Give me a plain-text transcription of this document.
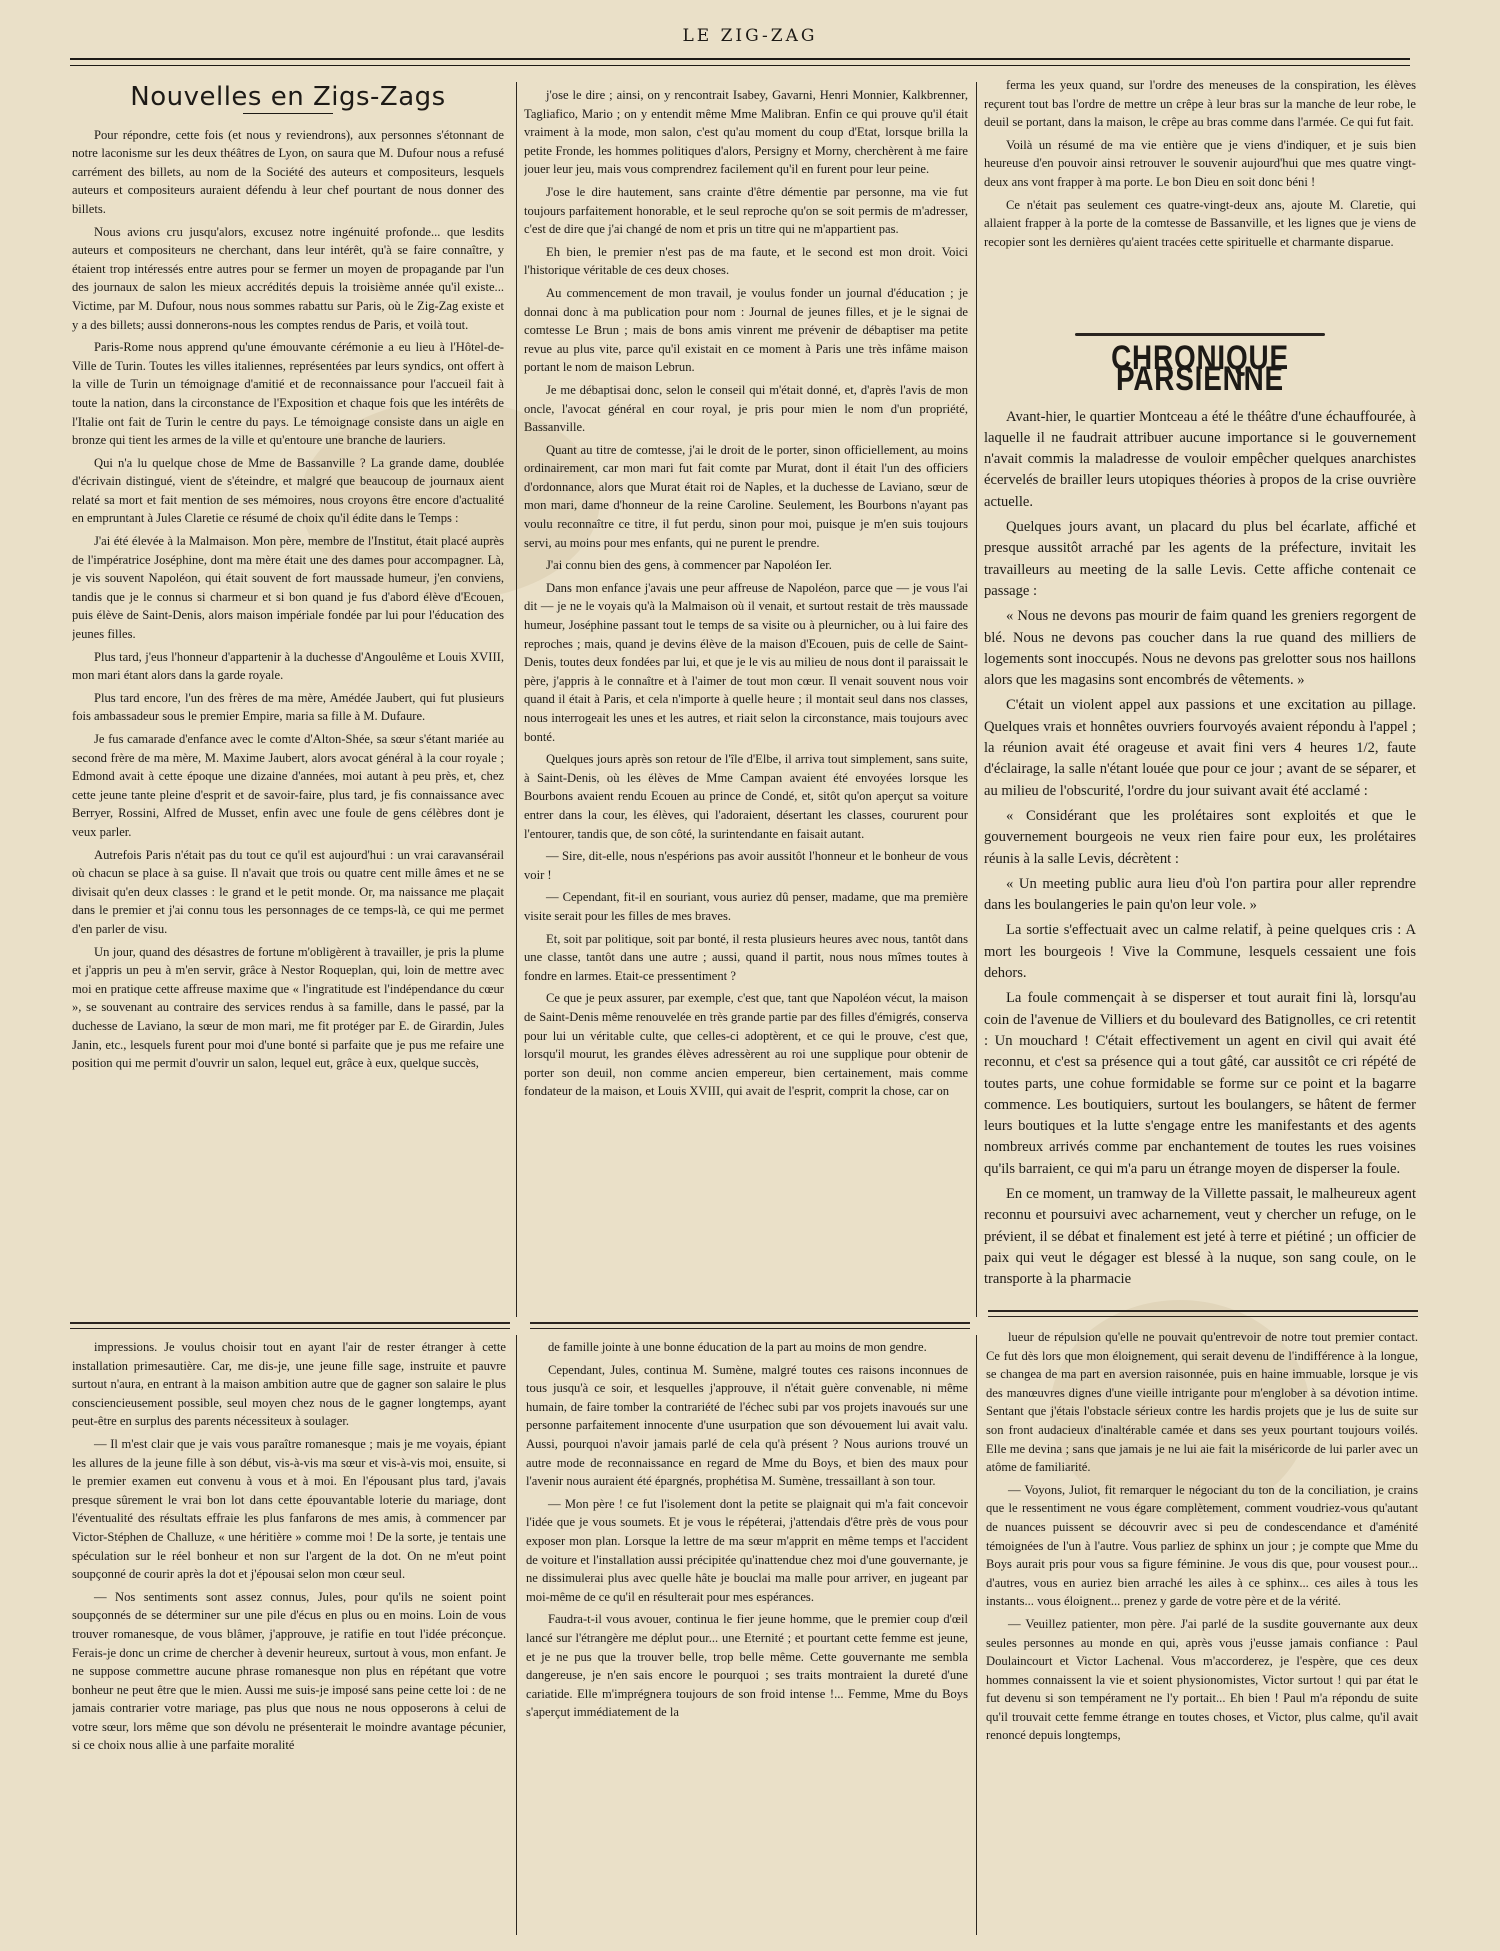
LE ZIG-ZAG
Nouvelles en Zigs-Zags

Pour répondre, cette fois (et nous y reviendrons), aux personnes s'étonnant de notre laconisme sur les deux théâtres de Lyon, on saura que M. Dufour nous a refusé carrément des billets, au nom de la Société des auteurs et compositeurs, lesquels auteurs et compositeurs auraient défendu à leur chef pourtant de nous donner des billets.

Nous avions cru jusqu'alors, excusez notre ingénuité profonde... que lesdits auteurs et compositeurs ne cherchant, dans leur intérêt, qu'à se faire connaître, y étaient trop intéressés entre autres pour se fermer un moyen de propagande par l'un des journaux de salon les mieux accrédités depuis la troisième année qu'il existe... Victime, par M. Dufour, nous nous sommes rabattu sur Paris, où le Zig-Zag existe et y a des billets; aussi donnerons-nous les comptes rendus de Paris, et voilà tout.

Paris-Rome nous apprend qu'une émouvante cérémonie a eu lieu à l'Hôtel-de-Ville de Turin. Toutes les villes italiennes, représentées par leurs syndics, ont offert à la ville de Turin un témoignage d'amitié et de reconnaissance pour l'accueil fait à toute la nation, dans la circonstance de l'Exposition et chaque fois que les intérêts de l'Italie ont fait de Turin le centre du pays. Le témoignage consiste dans un aigle en bronze qui tient les armes de la ville et qu'entoure une branche de lauriers.

Qui n'a lu quelque chose de Mme de Bassanville ? La grande dame, doublée d'écrivain distingué, vient de s'éteindre, et malgré que beaucoup de journaux aient relaté sa mort et fait mention de ses mémoires, nous croyons être encore d'actualité en empruntant à Jules Claretie ce résumé de choix qu'il édite dans le Temps :

J'ai été élevée à la Malmaison. Mon père, membre de l'Institut, était placé auprès de l'impératrice Joséphine, dont ma mère était une des dames pour accompagner. Là, je vis souvent Napoléon, qui était souvent de fort maussade humeur, j'en conviens, tandis que je le connus si charmeur et si bon quand je fus d'abord élève d'Ecouen, puis élève de Saint-Denis, alors maison impériale fondée par lui pour l'éducation des jeunes filles.

Plus tard, j'eus l'honneur d'appartenir à la duchesse d'Angoulême et Louis XVIII, mon mari étant alors dans la garde royale.

Plus tard encore, l'un des frères de ma mère, Amédée Jaubert, qui fut plusieurs fois ambassadeur sous le premier Empire, maria sa fille à M. Dufaure.

Je fus camarade d'enfance avec le comte d'Alton-Shée, sa sœur s'étant mariée au second frère de ma mère, M. Maxime Jaubert, alors avocat général à la cour royale ; Edmond avait à cette époque une dizaine d'années, moi autant à peu près, et, chez cette jeune tante pleine d'esprit et de savoir-faire, plus tard, je fis connaissance avec Berryer, Rossini, Alfred de Musset, enfin avec une foule de gens célèbres dont je veux parler.

Autrefois Paris n'était pas du tout ce qu'il est aujourd'hui : un vrai caravansérail où chacun se place à sa guise. Il n'avait que trois ou quatre cent mille âmes et ne se divisait qu'en deux classes : le grand et le petit monde. Or, ma naissance me plaçait dans le premier et j'ai connu tous les personnages de ce temps-là, ce qui me permet d'en parler de visu.

Un jour, quand des désastres de fortune m'obligèrent à travailler, je pris la plume et j'appris un peu à m'en servir, grâce à Nestor Roqueplan, qui, loin de mettre avec moi en pratique cette affreuse maxime que « l'ingratitude est l'indépendance du cœur », se souvenant au contraire des services rendus à sa famille, dans le passé, par la duchesse de Laviano, la sœur de mon mari, me fit protéger par E. de Girardin, Jules Janin, etc., lesquels furent pour moi d'une bonté si parfaite que je pus me refaire une position qui me permit d'ouvrir un salon, lequel eut, grâce à eux, quelque succès,

j'ose le dire ; ainsi, on y rencontrait Isabey, Gavarni, Henri Monnier, Kalkbrenner, Tagliafico, Mario ; on y entendit même Mme Malibran. Enfin ce qui prouve qu'il était vraiment à la mode, mon salon, c'est qu'au moment du coup d'Etat, lorsque brilla la petite Fronde, les hommes politiques d'alors, Persigny et Morny, cherchèrent à me faire jouer leur jeu, mais vous comprendrez facilement qu'il en furent pour leur peine.

J'ose le dire hautement, sans crainte d'être démentie par personne, ma vie fut toujours parfaitement honorable, et le seul reproche qu'on se soit permis de m'adresser, c'est de dire que j'ai changé de nom et pris un titre qui ne m'appartient pas.

Eh bien, le premier n'est pas de ma faute, et le second est mon droit. Voici l'historique véritable de ces deux choses.

Au commencement de mon travail, je voulus fonder un journal d'éducation ; je donnai donc à ma publication pour nom : Journal de jeunes filles, et je le signai de comtesse Le Brun ; mais de bons amis vinrent me prévenir de débaptiser ma petite revue au plus vite, parce qu'il existait en ce moment à Paris une très infâme maison portant le nom de maison Lebrun.

Je me débaptisai donc, selon le conseil qui m'était donné, et, d'après l'avis de mon oncle, l'avocat général en cour royal, je pris pour mien le nom d'un propriété, Bassanville.

Quant au titre de comtesse, j'ai le droit de le porter, sinon officiellement, au moins ordinairement, car mon mari fut fait comte par Murat, dont il était l'un des officiers d'ordonnance, alors que Murat était roi de Naples, et la duchesse de Laviano, sœur de mon mari, dame d'honneur de la reine Caroline. Seulement, les Bourbons n'ayant pas voulu reconnaître ce titre, il fut perdu, sinon pour moi, puisque je m'en suis toujours servi, au moins pour mes enfants, qui ne purent le prendre.

J'ai connu bien des gens, à commencer par Napoléon Ier.

Dans mon enfance j'avais une peur affreuse de Napoléon, parce que — je vous l'ai dit — je ne le voyais qu'à la Malmaison où il venait, et surtout restait de très maussade humeur, Joséphine passant tout le temps de sa visite ou à pleurnicher, ou à lui faire des reproches ; mais, quand je devins élève de la maison d'Ecouen, puis de celle de Saint-Denis, toutes deux fondées par lui, et que je le vis au milieu de nous dont il paraissait le père, j'appris à le connaître et à l'aimer de tout mon cœur. Il venait souvent nous voir quand il était à Paris, et cela n'importe à quelle heure ; il montait seul dans nos classes, nous interrogeait les unes et les autres, et riait selon la circonstance, mais toujours avec bonté.

Quelques jours après son retour de l'île d'Elbe, il arriva tout simplement, sans suite, à Saint-Denis, où les élèves de Mme Campan avaient été envoyées lorsque les Bourbons avaient rendu Ecouen au prince de Condé, et, sitôt qu'on aperçut sa voiture entrer dans la cour, les élèves, qui l'adoraient, désertant les classes, coururent pour l'entourer, tandis que, de son côté, la surintendante en faisait autant.

— Sire, dit-elle, nous n'espérions pas avoir aussitôt l'honneur et le bonheur de vous voir !

— Cependant, fit-il en souriant, vous auriez dû penser, madame, que ma première visite serait pour les filles de mes braves.

Et, soit par politique, soit par bonté, il resta plusieurs heures avec nous, tantôt dans une classe, tantôt dans une autre ; aussi, quand il partit, nous nous mîmes toutes à fondre en larmes. Etait-ce pressentiment ?

Ce que je peux assurer, par exemple, c'est que, tant que Napoléon vécut, la maison de Saint-Denis même renouvelée en très grande partie par des filles d'émigrés, conserva pour lui un véritable culte, que celles-ci adoptèrent, et ce qui le prouve, c'est que, lorsqu'il mourut, les grandes élèves adressèrent au roi une supplique pour obtenir de porter son deuil, non comme ancien empereur, bien certainement, mais comme fondateur de la maison, et Louis XVIII, qui avait de l'esprit, comprit la chose, car on

ferma les yeux quand, sur l'ordre des meneuses de la conspiration, les élèves reçurent tout bas l'ordre de mettre un crêpe à leur bras sur la manche de leur robe, le deuil se portant, dans la maison, le crêpe au bras comme dans l'armée. Ce qui fut fait.

Voilà un résumé de ma vie entière que je viens d'indiquer, et je suis bien heureuse d'en pouvoir ainsi retrouver le souvenir aujourd'hui que mes quatre vingt-deux ans vont frapper à ma porte. Le bon Dieu en soit donc béni !

Ce n'était pas seulement ces quatre-vingt-deux ans, ajoute M. Claretie, qui allaient frapper à la porte de la comtesse de Bassanville, et les lignes que je viens de recopier sont les dernières qu'aient tracées cette spirituelle et charmante disparue.

CHRONIQUE PARSIENNE

Avant-hier, le quartier Montceau a été le théâtre d'une échauffourée, à laquelle il ne faudrait attribuer aucune importance si le gouvernement n'avait commis la maladresse de vouloir empêcher quelques anarchistes écervelés de brailler leurs utopiques théories à propos de la crise ouvrière actuelle.

Quelques jours avant, un placard du plus bel écarlate, affiché et presque aussitôt arraché par les agents de la préfecture, invitait les travailleurs au meeting de la salle Levis. Cette affiche contenait ce passage :

« Nous ne devons pas mourir de faim quand les greniers regorgent de blé. Nous ne devons pas coucher dans la rue quand des milliers de logements sont inoccupés. Nous ne devons pas grelotter sous nos haillons alors que les magasins sont encombrés de vêtements. »

C'était un violent appel aux passions et une excitation au pillage. Quelques vrais et honnêtes ouvriers fourvoyés avaient répondu à l'appel ; la réunion avait été orageuse et avait fini vers 4 heures 1/2, faute d'éclairage, la salle n'étant louée que pour ce jour ; avant de se séparer, et au milieu de l'obscurité, l'ordre du jour suivant avait été acclamé :

« Considérant que les prolétaires sont exploités et que le gouvernement bourgeois ne veux rien faire pour eux, les prolétaires réunis à la salle Levis, décrètent :

« Un meeting public aura lieu d'où l'on partira pour aller reprendre dans les boulangeries le pain qu'on leur vole. »

La sortie s'effectuait avec un calme relatif, à peine quelques cris : A mort les bourgeois ! Vive la Commune, lesquels cessaient une fois dehors.

La foule commençait à se disperser et tout aurait fini là, lorsqu'au coin de l'avenue de Villiers et du boulevard des Batignolles, ce cri retentit : Un mouchard ! C'était effectivement un agent en civil qui avait été reconnu, et c'est sa présence qui a tout gâté, car aussitôt ce cri répété de toutes parts, une cohue formidable se forme sur ce point et la bagarre commence. Les boutiquiers, surtout les boulangers, se hâtent de fermer leurs boutiques et la lutte s'engage entre les manifestants et des agents nombreux arrivés comme par enchantement de toutes les rues voisines qu'ils barraient, ce qui m'a paru un étrange moyen de disperser la foule.

En ce moment, un tramway de la Villette passait, le malheureux agent reconnu et poursuivi avec acharnement, veut y chercher un refuge, on le prévient, il se débat et finalement est jeté à terre et piétiné ; un officier de paix qui veut le dégager est blessé à la nuque, son sang coule, on le transporte à la pharmacie

impressions. Je voulus choisir tout en ayant l'air de rester étranger à cette installation primesautière. Car, me dis-je, une jeune fille sage, instruite et pauvre surtout n'aura, en entrant à la maison ambition autre que de gagner son salaire le plus consciencieusement possible, seul moyen chez nous de le gagner longtemps, ayant peut-être en surplus des parents nécessiteux à soulager.

— Il m'est clair que je vais vous paraître romanesque ; mais je me voyais, épiant les allures de la jeune fille à son début, vis-à-vis ma sœur et vis-à-vis moi, ensuite, si le premier examen eut convenu à vous et à moi. En l'épousant plus tard, j'avais presque sûrement le vrai bon lot dans cette épouvantable loterie du mariage, dont l'éventualité des résultats effraie les plus fanfarons de mes amis, à commencer par Victor-Stéphen de Challuze, « une héritière » comme moi ! De la sorte, je tentais une spéculation sur le réel bonheur et non sur l'argent de la dot. On ne m'eut point soupçonné de courir après la dot et j'épousai selon mon cœur seul.

— Nos sentiments sont assez connus, Jules, pour qu'ils ne soient point soupçonnés de se déterminer sur une pile d'écus en plus ou en moins. Loin de vous trouver romanesque, de vous blâmer, j'approuve, je ratifie en tout l'idée préconçue. Ferais-je donc un crime de chercher à devenir heureux, surtout à vous, mon enfant. Je ne suppose commettre aucune phrase romanesque non plus en répétant que votre bonheur ne peut être que le mien. Aussi me suis-je imposé sans peine cette loi : de ne jamais contrarier votre mariage, pas plus que nous ne nous opposerons à celui de votre sœur, lors même que son dévolu ne présenterait le moindre avantage pécunier, si ce choix nous allie à une parfaite moralité

de famille jointe à une bonne éducation de la part au moins de mon gendre.

Cependant, Jules, continua M. Sumène, malgré toutes ces raisons inconnues de tous jusqu'à ce soir, et lesquelles j'approuve, il n'était guère convenable, ni même humain, de faire tomber la contrariété de l'échec subi par vos projets inavoués sur une personne parfaitement innocente d'une usurpation que son dévouement lui avait valu. Aussi, pourquoi n'avoir jamais parlé de cela qu'à présent ? Nous aurions trouvé un autre mode de reconnaissance en regard de Mme du Boys, et bien des maux pour l'avenir nous auraient été épargnés, prophétisa M. Sumène, tressaillant à son tour.

— Mon père ! ce fut l'isolement dont la petite se plaignait qui m'a fait concevoir l'idée que je vous soumets. Et je vous le répéterai, j'attendais d'être près de vous pour exposer mon plan. Lorsque la lettre de ma sœur m'apprit en même temps et l'accident de voiture et l'installation aussi précipitée qu'inattendue chez moi d'une gouvernante, je ne dissimulerai plus avec quelle hâte je bouclai ma malle pour arriver, en jugeant par moi-même de ce qu'il en résulterait pour mes espérances.

Faudra-t-il vous avouer, continua le fier jeune homme, que le premier coup d'œil lancé sur l'étrangère me déplut pour... une Eternité ; et pourtant cette femme est jeune, et je ne pus que la trouver belle, trop belle même. Cette gouvernante me sembla dangereuse, je n'en sais encore le pourquoi ; ses traits montraient la dureté d'une cariatide. Elle m'imprégnera toujours de son froid intense !... Femme, Mme du Boys s'aperçut immédiatement de la

lueur de répulsion qu'elle ne pouvait qu'entrevoir de notre tout premier contact. Ce fut dès lors que mon éloignement, qui serait devenu de l'indifférence à la longue, se changea de ma part en aversion raisonnée, puis en haine immuable, lorsque je vis des manœuvres dignes d'une vieille intrigante pour m'englober à sa dévotion intime. Sentant que j'étais l'obstacle sérieux contre les hardis projets que je lus de suite sur son front audacieux d'inaltérable camée et dans ses yeux pourtant toujours voilés. Elle me devina ; sans que jamais je ne lui aie fait la miséricorde de lui parler avec un atôme de familiarité.

— Voyons, Juliot, fit remarquer le négociant du ton de la conciliation, je crains que le ressentiment ne vous égare complètement, comment voudriez-vous qu'autant de nuances puissent se découvrir avec si peu de condescendance et d'aménité témoignées de l'un à l'autre. Vous parliez de sphinx un jour ; je compte que Mme du Boys aurait pris pour vous sa figure féminine. Je vous dis que, pour vousest pour... d'autres, vous en auriez bien arraché les ailes à ce sphinx... ces ailes à tous les instants... vous éloignent... prenez y garde de votre père et de la vérité.

— Veuillez patienter, mon père. J'ai parlé de la susdite gouvernante aux deux seules personnes au monde en qui, après vous j'eusse jamais confiance : Paul Doulaincourt et Victor Lachenal. Vous m'accorderez, je l'espère, que ces deux hommes connaissent la vie et soient physionomistes, Victor surtout ! qui par état le fut devenu si son tempérament ne l'y portait... Eh bien ! Paul m'a répondu de suite qu'il trouvait cette femme étrange en toutes choses, et Victor, plus calme, qu'il avait renoncé depuis longtemps,
